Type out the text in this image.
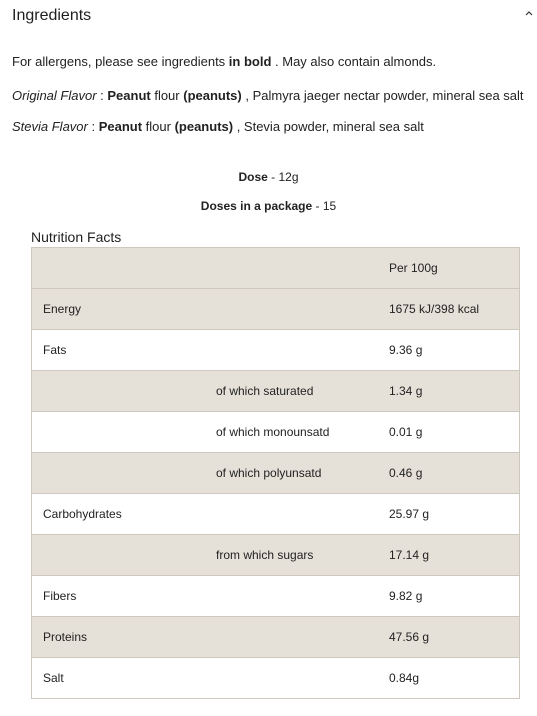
Ingredients
For allergens, please see ingredients in bold . May also contain almonds.
Original Flavor : Peanut flour (peanuts) , Palmyra jaeger nectar powder, mineral sea salt
Stevia Flavor : Peanut flour (peanuts) , Stevia powder, mineral sea salt
Dose - 12g
Doses in a package - 15
Nutrition Facts
		Per 100g
Energy		1675 kJ/398 kcal
Fats		9.36 g
	of which saturated	1.34 g
	of which monounsatd	0.01 g
	of which polyunsatd	0.46 g
Carbohydrates		25.97 g
	from which sugars	17.14 g
Fibers		9.82 g
Proteins		47.56 g
Salt		0.84g
